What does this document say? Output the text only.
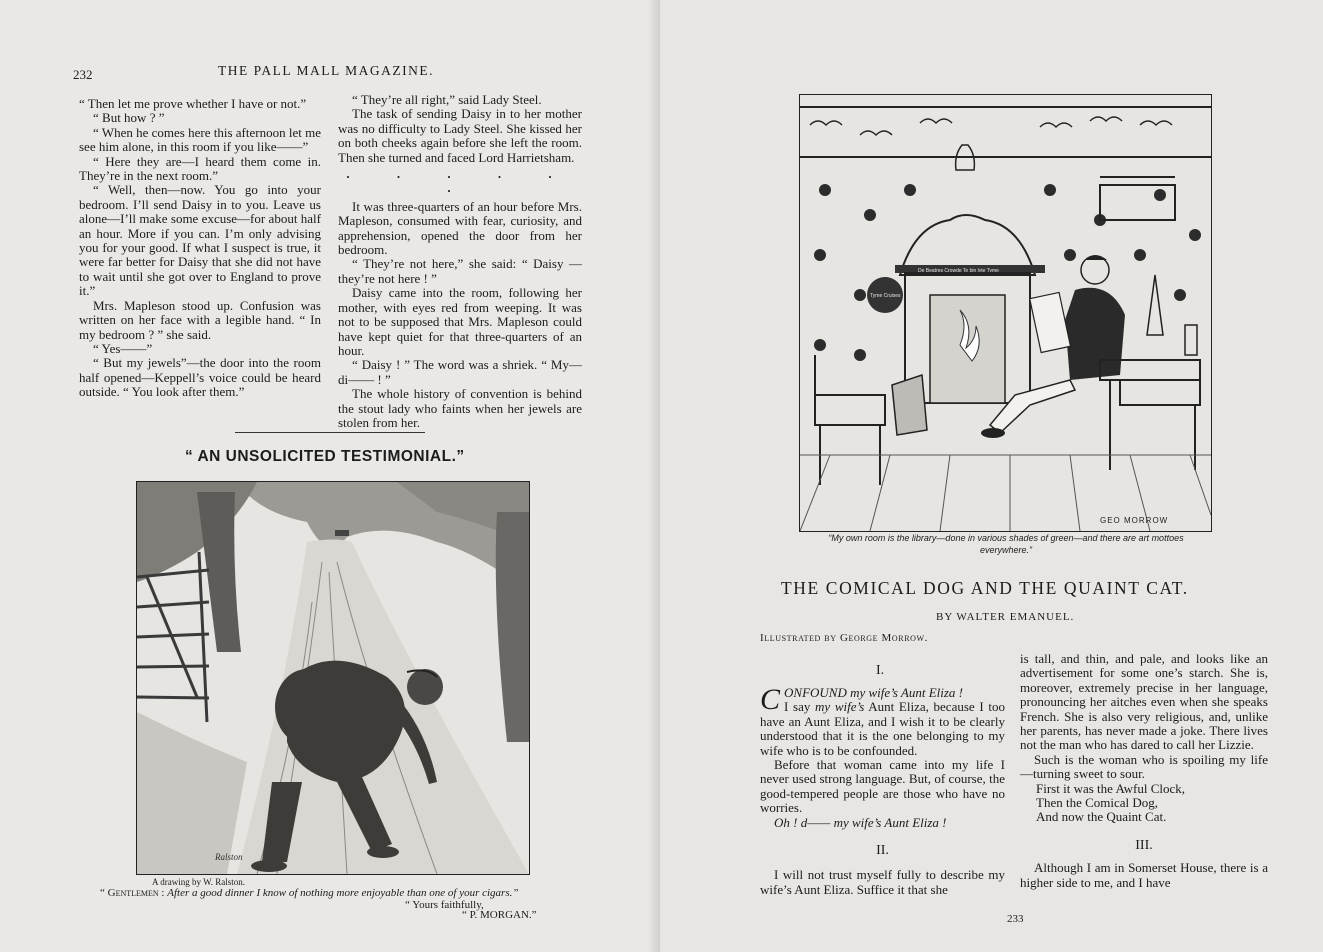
232	THE PALL MALL MAGAZINE.

“ Then let me prove whether I have or not.”

“ But how ? ”

“ When he comes here this afternoon let me see him alone, in this room if you like——”

“ Here they are—I heard them come in. They’re in the next room.”

“ Well, then—now. You go into your bedroom. I’ll send Daisy in to you. Leave us alone—I’ll make some excuse—for about half an hour. More if you can. I’m only advising you for your good. If what I suspect is true, it were far better for Daisy that she did not have to wait until she got over to England to prove it.”

Mrs. Mapleson stood up. Confusion was written on her face with a legible hand. “ In my bedroom ? ” she said.

“ Yes——”

“ But my jewels”—the door into the room half opened—Keppell’s voice could be heard outside. “ You look after them.”

“ They’re all right,” said Lady Steel.

The task of sending Daisy in to her mother was no difficulty to Lady Steel. She kissed her on both cheeks again before she left the room. Then she turned and faced Lord Harrietsham.

. . . . . .

It was three-quarters of an hour before Mrs. Mapleson, consumed with fear, curiosity, and apprehension, opened the door from her bedroom.

“ They’re not here,” she said: “ Daisy —they’re not here ! ”

Daisy came into the room, following her mother, with eyes red from weeping. It was not to be supposed that Mrs. Mapleson could have kept quiet for that three-quarters of an hour.

“ Daisy ! ” The word was a shriek. “ My—di—— ! ”

The whole history of convention is behind the stout lady who faints when her jewels are stolen from her.

“ AN UNSOLICITED TESTIMONIAL.”
Ralston
A drawing by W. Ralston.
“ Gentlemen : After a good dinner I know of nothing more enjoyable than one of your cigars.”
“ Yours faithfully,
“ P. MORGAN.”
De Beatres Crowde Te bin lyte Tyme
Tyme Cruises
GEO MORROW
“My own room is the library—done in various shades of green—and there are art mottoes everywhere.”
THE COMICAL DOG AND THE QUAINT CAT.
BY WALTER EMANUEL.
Illustrated by George Morrow.
I.

C ONFOUND my wife’s Aunt Eliza !
I say my wife’s Aunt Eliza, because I too have an Aunt Eliza, and I wish it to be clearly understood that it is the one belonging to my wife who is to be confounded.

Before that woman came into my life I never used strong language. But, of course, the good-tempered people are those who have no worries.

Oh ! d—— my wife’s Aunt Eliza !

II.

I will not trust myself fully to describe my wife’s Aunt Eliza. Suffice it that she

is tall, and thin, and pale, and looks like an advertisement for some one’s starch. She is, moreover, extremely precise in her language, pronouncing her aitches even when she speaks French. She is also very religious, and, unlike her parents, has never made a joke. There lives not the man who has dared to call her Lizzie.

Such is the woman who is spoiling my life—turning sweet to sour.

First it was the Awful Clock,

Then the Comical Dog,

And now the Quaint Cat.

III.

Although I am in Somerset House, there is a higher side to me, and I have

233
